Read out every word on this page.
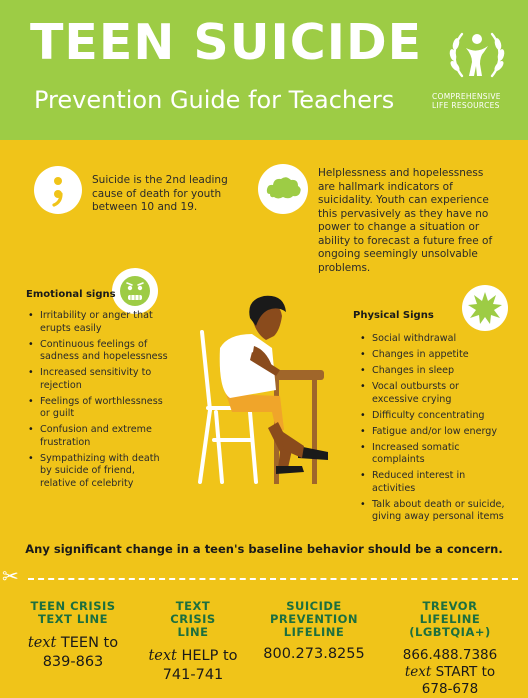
TEEN SUICIDE
Prevention Guide for Teachers	COMPREHENSIVE
LIFE RESOURCES
Suicide is the 2nd leading cause of death for youth between 10 and 19.
Helplessness and hopelessness are hallmark indicators of suicidality. Youth can experience this pervasively as they have no power to change a situation or ability to forecast a future free of ongoing seemingly unsolvable problems.
Emotional signs
• Irritability or anger that erupts easily
• Continuous feelings of sadness and hopelessness
• Increased sensitivity to rejection
• Feelings of worthlessness or guilt
• Confusion and extreme frustration
• Sympathizing with death by suicide of friend, relative of celebrity
Physical Signs
• Social withdrawal
• Changes in appetite
• Changes in sleep
• Vocal outbursts or excessive crying
• Difficulty concentrating
• Fatigue and/or low energy
• Increased somatic complaints
• Reduced interest in activities
• Talk about death or suicide, giving away personal items
Any significant change in a teen's baseline behavior should be a concern.
✂
TEEN CRISIS TEXT LINE
text TEEN to
839-863
TEXT CRISIS LINE
text HELP to
741-741
SUICIDE PREVENTION LIFELINE
800.273.8255
TREVOR LIFELINE (LGBTQIA+)
866.488.7386
text START to
678-678
